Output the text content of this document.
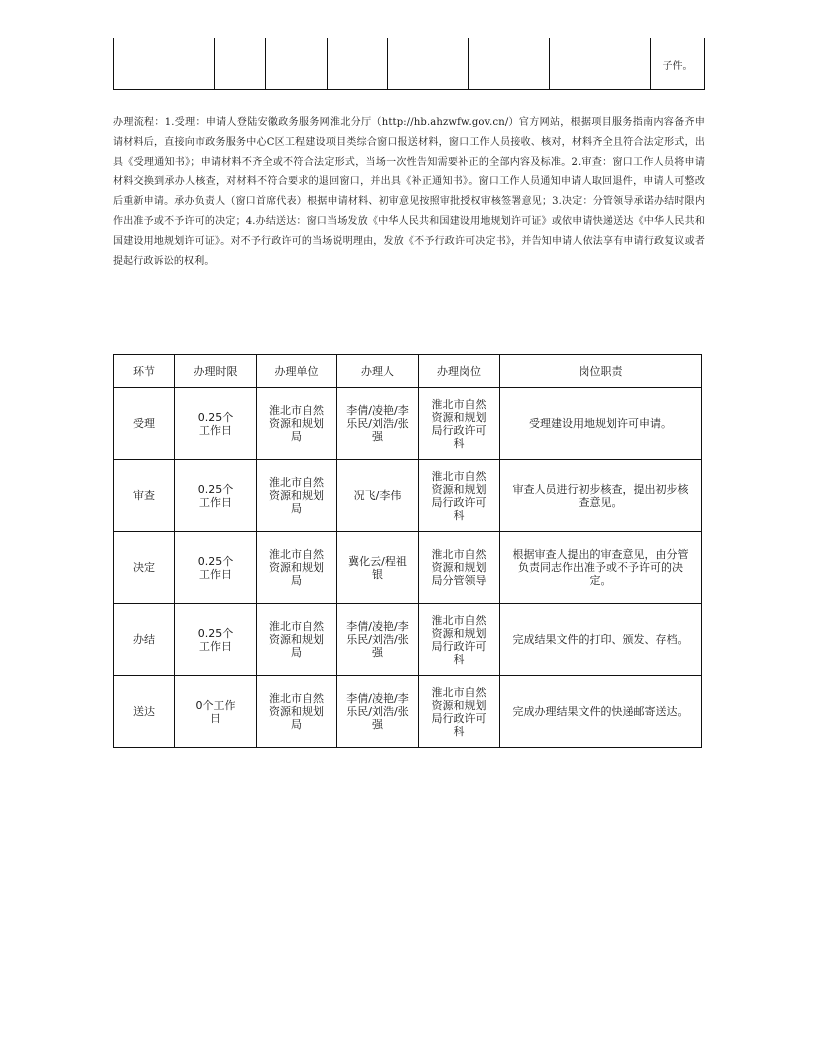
							子件。

办理流程：1.受理：申请人登陆安徽政务服务网淮北分厅（http://hb.ahzwfw.gov.cn/）官方网站，根据项目服务指南内容备齐申请材料后，直接向市政务服务中心C区工程建设项目类综合窗口报送材料，窗口工作人员接收、核对，材料齐全且符合法定形式，出具《受理通知书》；申请材料不齐全或不符合法定形式，当场一次性告知需要补正的全部内容及标准。2.审查：窗口工作人员将申请材料交换到承办人核查，对材料不符合要求的退回窗口，并出具《补正通知书》。窗口工作人员通知申请人取回退件，申请人可整改后重新申请。承办负责人（窗口首席代表）根据申请材料、初审意见按照审批授权审核签署意见；3.决定：分管领导承诺办结时限内作出准予或不予许可的决定；4.办结送达：窗口当场发放《中华人民共和国建设用地规划许可证》或依申请快递送达《中华人民共和国建设用地规划许可证》。对不予行政许可的当场说明理由，发放《不予行政许可决定书》，并告知申请人依法享有申请行政复议或者提起行政诉讼的权利。

环节	办理时限	办理单位	办理人	办理岗位	岗位职责
受理	0.25个工作日	淮北市自然资源和规划局	李倩/凌艳/李乐民/刘浩/张强	淮北市自然资源和规划局行政许可科	受理建设用地规划许可申请。
审查	0.25个工作日	淮北市自然资源和规划局	况飞/李伟	淮北市自然资源和规划局行政许可科	审查人员进行初步核查，提出初步核查意见。
决定	0.25个工作日	淮北市自然资源和规划局	冀化云/程祖银	淮北市自然资源和规划局分管领导	根据审查人提出的审查意见，由分管负责同志作出准予或不予许可的决定。
办结	0.25个工作日	淮北市自然资源和规划局	李倩/凌艳/李乐民/刘浩/张强	淮北市自然资源和规划局行政许可科	完成结果文件的打印、颁发、存档。
送达	0个工作日	淮北市自然资源和规划局	李倩/凌艳/李乐民/刘浩/张强	淮北市自然资源和规划局行政许可科	完成办理结果文件的快递邮寄送达。
